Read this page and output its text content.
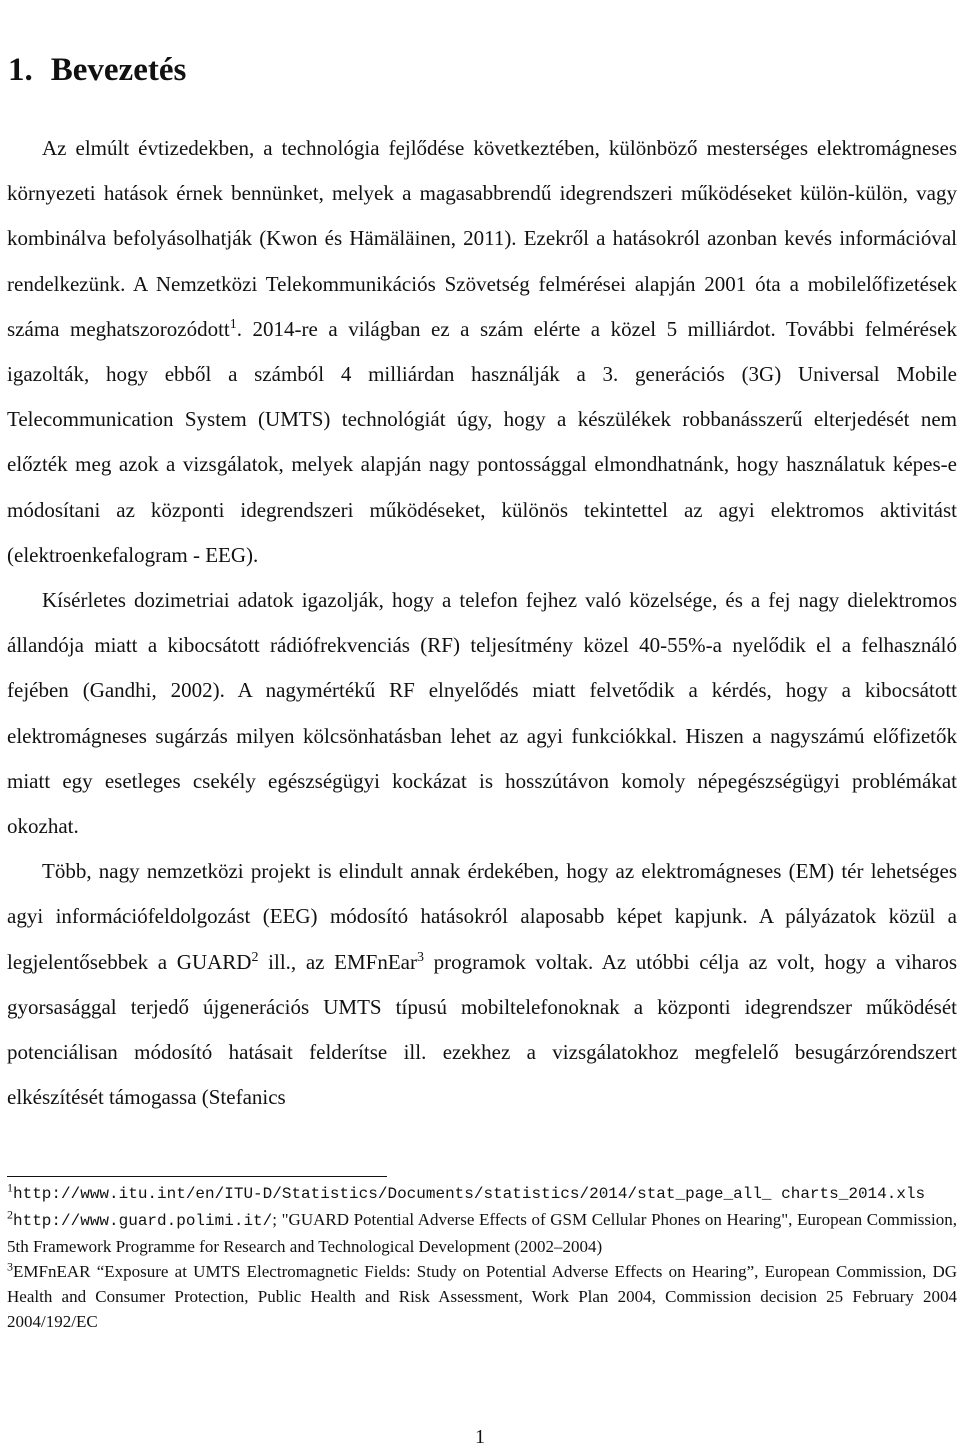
1. Bevezetés

Az elmúlt évtizedekben, a technológia fejlődése következtében, különböző mesterséges elektromágneses környezeti hatások érnek bennünket, melyek a magasabbrendű idegrendszeri működéseket külön-külön, vagy kombinálva befolyásolhatják (Kwon és Hämäläinen, 2011). Ezekről a hatásokról azonban kevés információval rendelkezünk. A Nemzetközi Telekommunikációs Szövetség felmérései alapján 2001 óta a mobilelőfizetések száma meghatszorozódott$^1$. 2014-re a világban ez a szám elérte a közel 5 milliárdot. További felmérések igazolták, hogy ebből a számból 4 milliárdan használják a 3. generációs (3G) Universal Mobile Telecommunication System (UMTS) technológiát úgy, hogy a készülékek robbanásszerű elterjedését nem előzték meg azok a vizsgálatok, melyek alapján nagy pontossággal elmondhatnánk, hogy használatuk képes-e módosítani az központi idegrendszeri működéseket, különös tekintettel az agyi elektromos aktivitást (elektroenkefalogram - EEG).

Kísérletes dozimetriai adatok igazolják, hogy a telefon fejhez való közelsége, és a fej nagy dielektromos állandója miatt a kibocsátott rádiófrekvenciás (RF) teljesítmény közel 40-55%-a nyelődik el a felhasználó fejében (Gandhi, 2002). A nagymértékű RF elnyelődés miatt felvetődik a kérdés, hogy a kibocsátott elektromágneses sugárzás milyen kölcsönhatásban lehet az agyi funkciókkal. Hiszen a nagyszámú előfizetők miatt egy esetleges csekély egészségügyi kockázat is hosszútávon komoly népegészségügyi problémákat okozhat.

Több, nagy nemzetközi projekt is elindult annak érdekében, hogy az elektromágneses (EM) tér lehetséges agyi információfeldolgozást (EEG) módosító hatásokról alaposabb képet kapjunk. A pályázatok közül a legjelentősebbek a GUARD$^2$ ill., az EMFnEar$^3$ programok voltak. Az utóbbi célja az volt, hogy a viharos gyorsasággal terjedő újgenerációs UMTS típusú mobiltelefonoknak a központi idegrendszer működését potenciálisan módosító hatásait felderítse ill. ezekhez a vizsgálatokhoz megfelelő besugárzórendszert elkészítését támogassa (Stefanics

$^1$http://www.itu.int/en/ITU-D/Statistics/Documents/statistics/2014/stat_page_all_ charts_2014.xls

$^2$http://www.guard.polimi.it/; "GUARD Potential Adverse Effects of GSM Cellular Phones on Hearing", European Commission, 5th Framework Programme for Research and Technological Development (2002–2004)

$^3$EMFnEAR “Exposure at UMTS Electromagnetic Fields: Study on Potential Adverse Effects on Hearing”, European Commission, DG Health and Consumer Protection, Public Health and Risk Assessment, Work Plan 2004, Commission decision 25 February 2004 2004/192/EC

1
